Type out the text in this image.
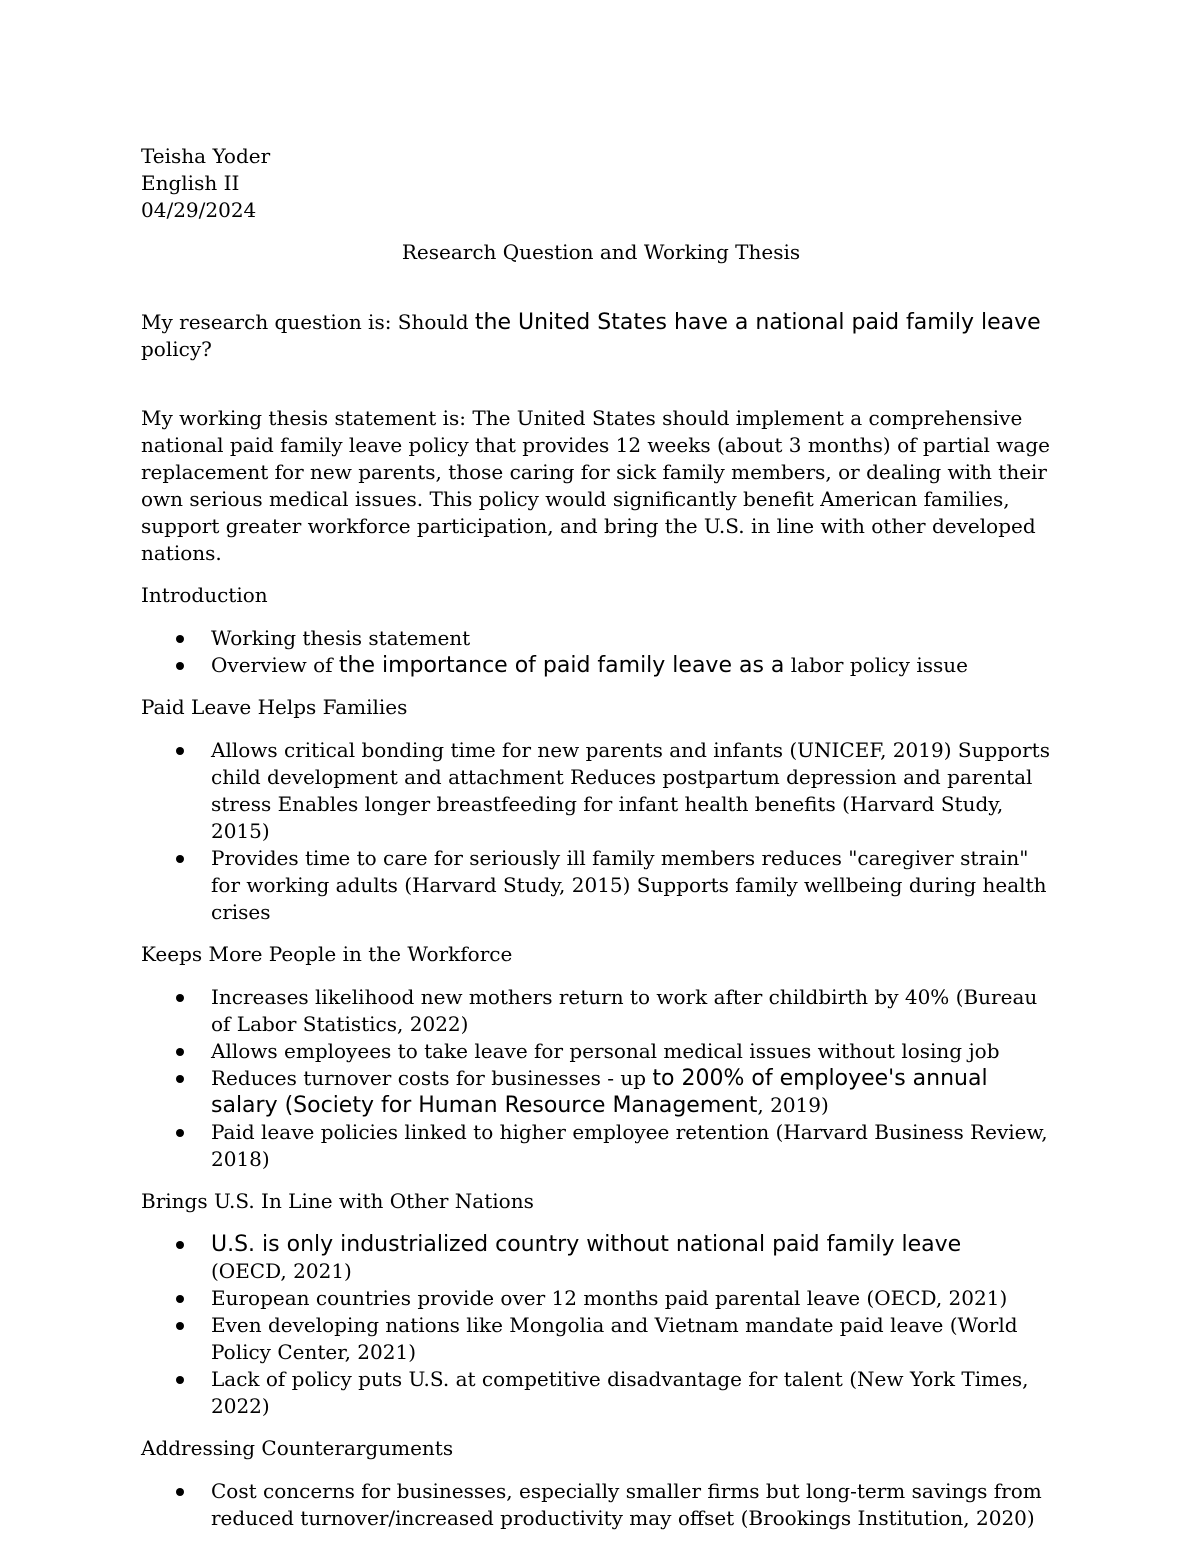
Teisha Yoder

English II

04/29/2024

Research Question and Working Thesis

My research question is: Should the United States have a national paid family leave
policy?

My working thesis statement is: The United States should implement a comprehensive national paid family leave policy that provides 12 weeks (about 3 months) of partial wage replacement for new parents, those caring for sick family members, or dealing with their own serious medical issues. This policy would significantly benefit American families, support greater workforce participation, and bring the U.S. in line with other developed nations.

Introduction

Working thesis statement
Overview of the importance of paid family leave as a labor policy issue

Paid Leave Helps Families

Allows critical bonding time for new parents and infants (UNICEF, 2019) Supports child development and attachment Reduces postpartum depression and parental stress Enables longer breastfeeding for infant health benefits (Harvard Study, 2015)
Provides time to care for seriously ill family members reduces "caregiver strain" for working adults (Harvard Study, 2015) Supports family wellbeing during health crises

Keeps More People in the Workforce

Increases likelihood new mothers return to work after childbirth by 40% (Bureau of Labor Statistics, 2022)
Allows employees to take leave for personal medical issues without losing job
Reduces turnover costs for businesses - up to 200% of employee's annual salary (Society for Human Resource Management, 2019)
Paid leave policies linked to higher employee retention (Harvard Business Review, 2018)

Brings U.S. In Line with Other Nations

U.S. is only industrialized country without national paid family leave
(OECD, 2021)
European countries provide over 12 months paid parental leave (OECD, 2021)
Even developing nations like Mongolia and Vietnam mandate paid leave (World Policy Center, 2021)
Lack of policy puts U.S. at competitive disadvantage for talent (New York Times, 2022)

Addressing Counterarguments

Cost concerns for businesses, especially smaller firms but long-term savings from reduced turnover/increased productivity may offset (Brookings Institution, 2020)
